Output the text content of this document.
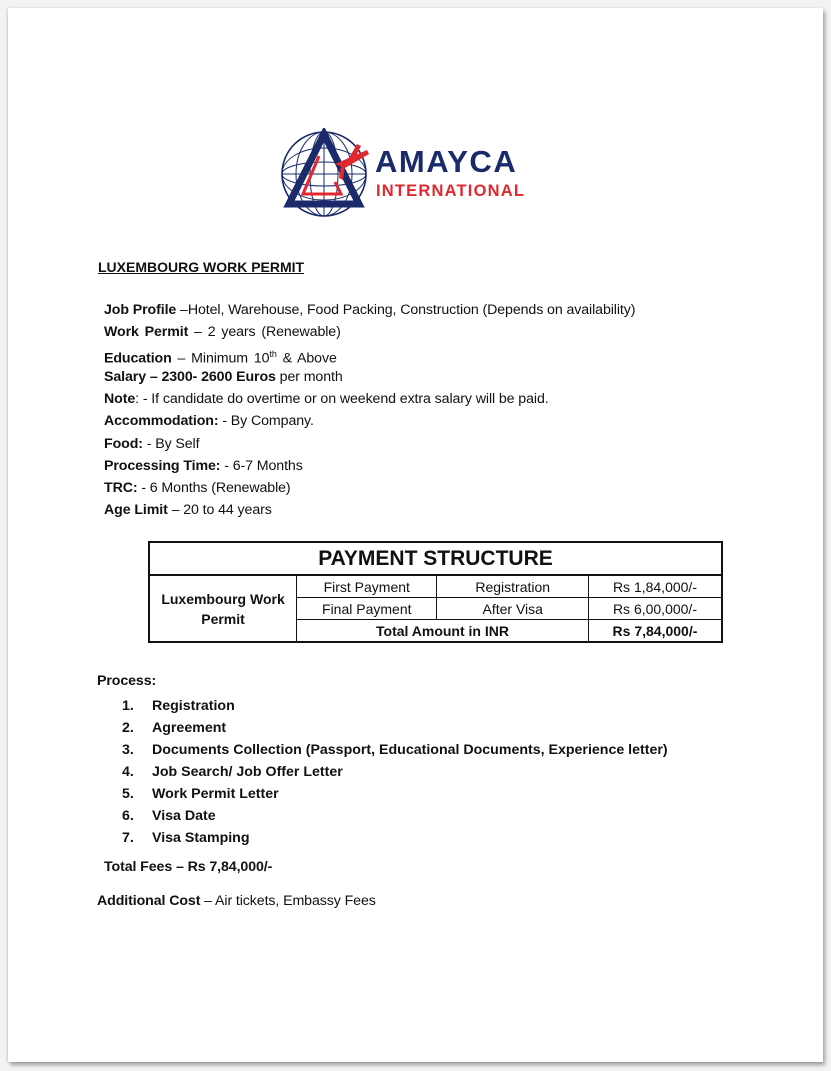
AMAYCA
INTERNATIONAL
LUXEMBOURG WORK PERMIT
Job Profile –Hotel, Warehouse, Food Packing, Construction (Depends on availability)
Work Permit – 2 years (Renewable)
Education – Minimum 10th & Above
Salary – 2300- 2600 Euros per month
Note: - If candidate do overtime or on weekend extra salary will be paid.
Accommodation: - By Company.
Food: - By Self
Processing Time: - 6-7 Months
TRC: - 6 Months (Renewable)
Age Limit – 20 to 44 years
PAYMENT STRUCTURE			
Luxembourg Work Permit	First Payment	Registration	Rs 1,84,000/-
	Final Payment	After Visa	Rs 6,00,000/-
	Total Amount in INR		Rs 7,84,000/-
Process:
1. Registration
2. Agreement
3. Documents Collection (Passport, Educational Documents, Experience letter)
4. Job Search/ Job Offer Letter
5. Work Permit Letter
6. Visa Date
7. Visa Stamping
Total Fees – Rs 7,84,000/-
Additional Cost – Air tickets, Embassy Fees
